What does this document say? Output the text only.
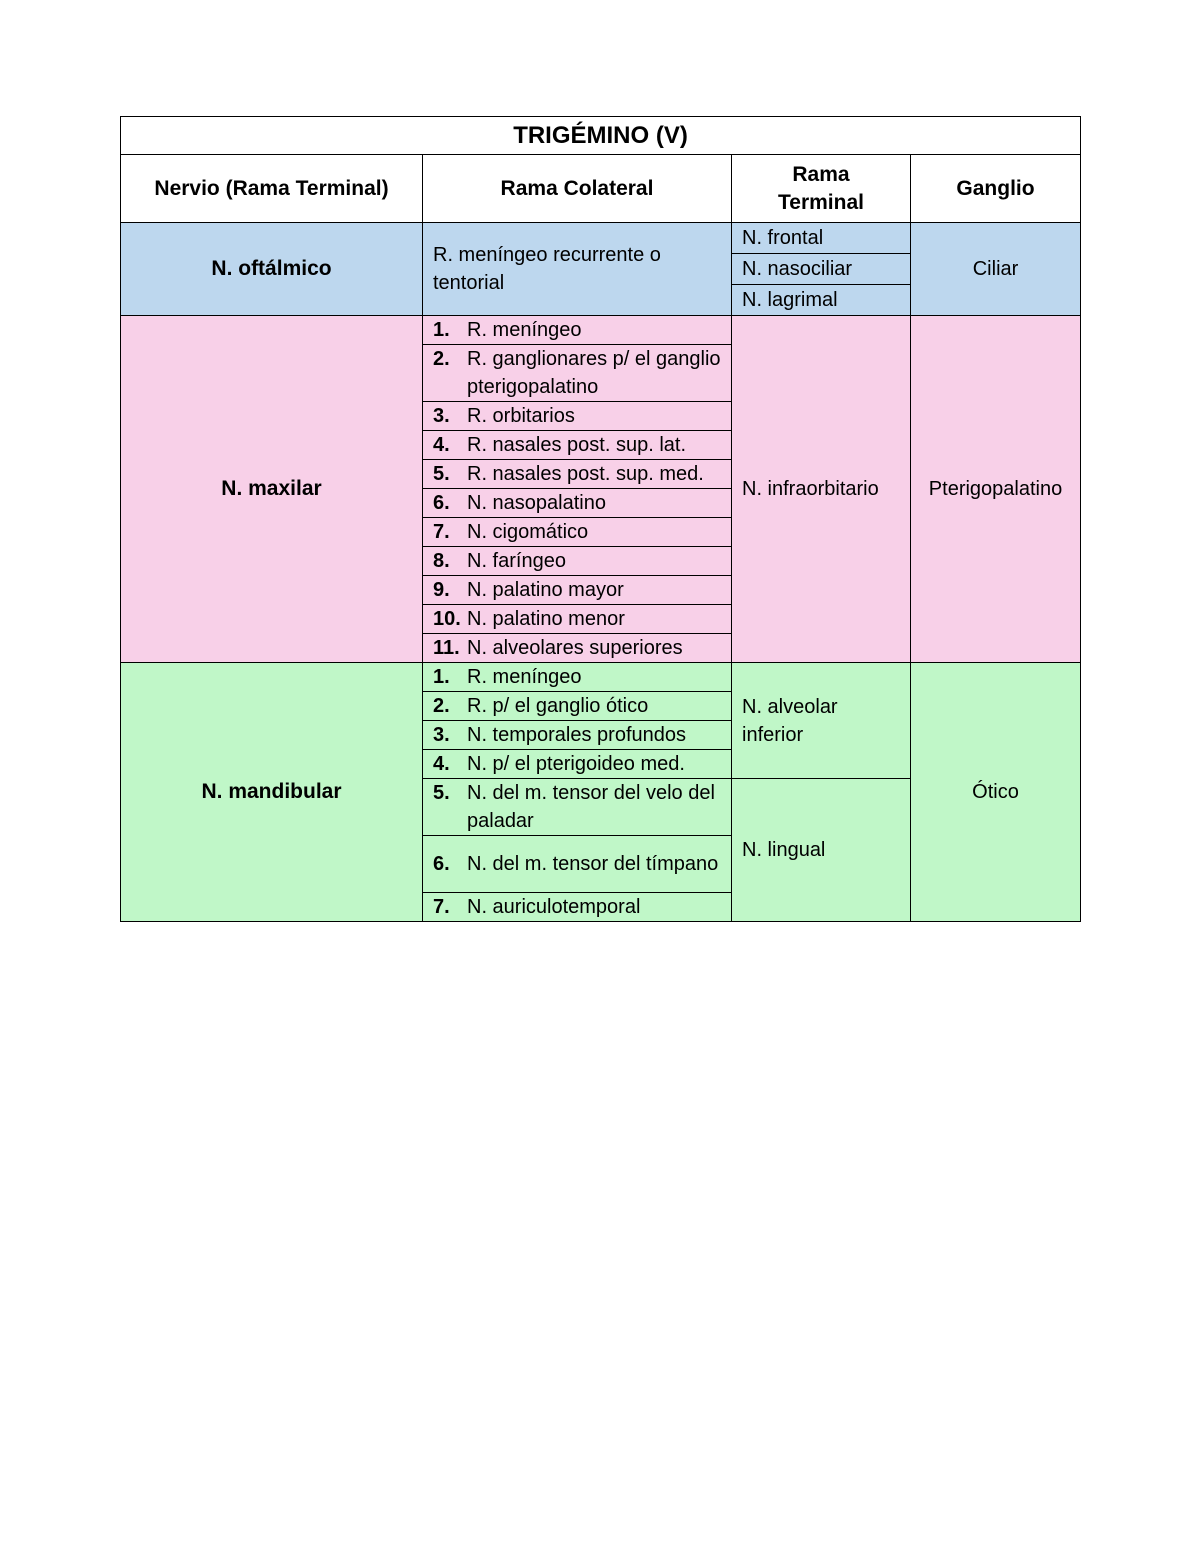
TRIGÉMINO (V)			
Nervio (Rama Terminal)	Rama Colateral	Rama Terminal	Ganglio
N. oftálmico	R. meníngeo recurrente o tentorial	N. frontal	Ciliar
		N. nasociliar	
		N. lagrimal	
N. maxilar	1. R. meníngeo	N. infraorbitario	Pterigopalatino

	2. R. ganglionares p/ el ganglio pterigopalatino		

	3. R. orbitarios		

	4. R. nasales post. sup. lat.		

	5. R. nasales post. sup. med.		

	6. N. nasopalatino		

	7. N. cigomático		

	8. N. faríngeo		

	9. N. palatino mayor		

	10. N. palatino menor		

	11. N. alveolares superiores		

N. mandibular	1. R. meníngeo	N. alveolar inferior	Ótico

	2. R. p/ el ganglio ótico		

	3. N. temporales profundos		

	4. N. p/ el pterigoideo med.		

	5. N. del m. tensor del velo del paladar	N. lingual	

	6. N. del m. tensor del tímpano		

	7. N. auriculotemporal		
